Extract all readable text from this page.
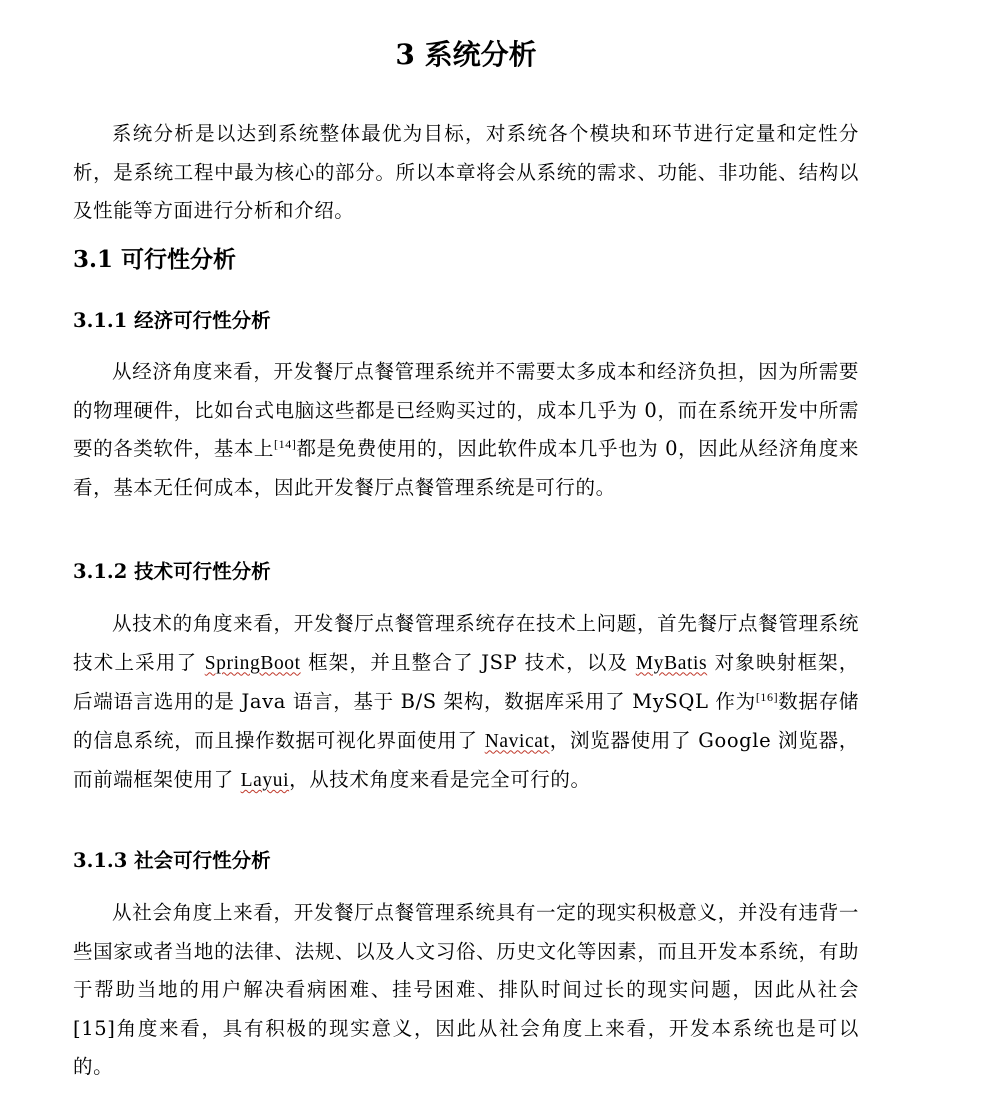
3 系统分析

系统分析是以达到系统整体最优为目标，对系统各个模块和环节进行定量和定性分析，是系统工程中最为核心的部分。所以本章将会从系统的需求、功能、非功能、结构以及性能等方面进行分析和介绍。

3.1 可行性分析
3.1.1 经济可行性分析

从经济角度来看，开发餐厅点餐管理系统并不需要太多成本和经济负担，因为所需要的物理硬件，比如台式电脑这些都是已经购买过的，成本几乎为 0，而在系统开发中所需要的各类软件，基本上[14]都是免费使用的，因此软件成本几乎也为 0，因此从经济角度来看，基本无任何成本，因此开发餐厅点餐管理系统是可行的。

3.1.2 技术可行性分析

从技术的角度来看，开发餐厅点餐管理系统存在技术上问题，首先餐厅点餐管理系统技术上采用了 SpringBoot 框架，并且整合了 JSP 技术，以及 MyBatis 对象映射框架，后端语言选用的是 Java 语言，基于 B/S 架构，数据库采用了 MySQL 作为[16]数据存储的信息系统，而且操作数据可视化界面使用了 Navicat，浏览器使用了 Google 浏览器，而前端框架使用了 Layui，从技术角度来看是完全可行的。

3.1.3 社会可行性分析

从社会角度上来看，开发餐厅点餐管理系统具有一定的现实积极意义，并没有违背一些国家或者当地的法律、法规、以及人文习俗、历史文化等因素，而且开发本系统，有助于帮助当地的用户解决看病困难、挂号困难、排队时间过长的现实问题，因此从社会[15]角度来看，具有积极的现实意义，因此从社会角度上来看，开发本系统也是可以的。
